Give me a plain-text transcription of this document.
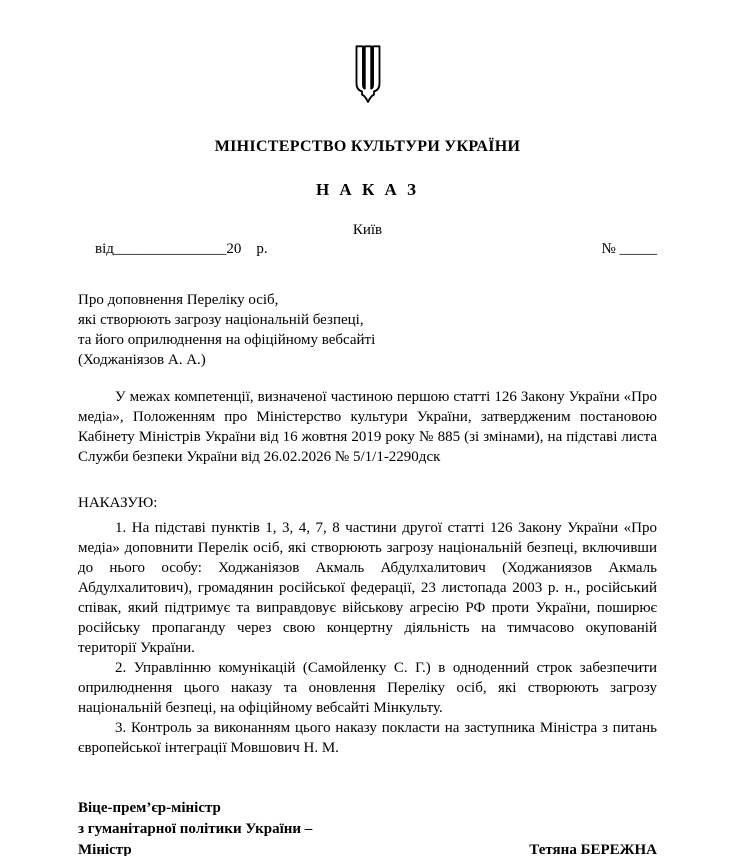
МІНІСТЕРСТВО КУЛЬТУРИ УКРАЇНИ
Н А К А З
Київ
від_______________20 р.	№ _____
Про доповнення Переліку осіб,
які створюють загрозу національній безпеці,
та його оприлюднення на офіційному вебсайті
(Ходжаніязов А. А.)

У межах компетенції, визначеної частиною першою статті 126 Закону України «Про медіа», Положенням про Міністерство культури України, затвердженим постановою Кабінету Міністрів України від 16 жовтня 2019 року № 885 (зі змінами), на підставі листа Служби безпеки України від 26.02.2026 № 5/1/1-2290дск

НАКАЗУЮ:

1. На підставі пунктів 1, 3, 4, 7, 8 частини другої статті 126 Закону України «Про медіа» доповнити Перелік осіб, які створюють загрозу національній безпеці, включивши до нього особу: Ходжаніязов Акмаль Абдулхалитович (Ходжаниязов Акмаль Абдулхалитович), громадянин російської федерації, 23 листопада 2003 р. н., російський співак, який підтримує та виправдовує військову агресію РФ проти України, поширює російську пропаганду через свою концертну діяльність на тимчасово окупованій території України.

2. Управлінню комунікацій (Самойленку С. Г.) в одноденний строк забезпечити оприлюднення цього наказу та оновлення Переліку осіб, які створюють загрозу національній безпеці, на офіційному вебсайті Мінкульту.

3. Контроль за виконанням цього наказу покласти на заступника Міністра з питань європейської інтеграції Мовшович Н. М.

Віце-прем’єр-міністр
з гуманітарної політики України –
Міністр	Тетяна БЕРЕЖНА
